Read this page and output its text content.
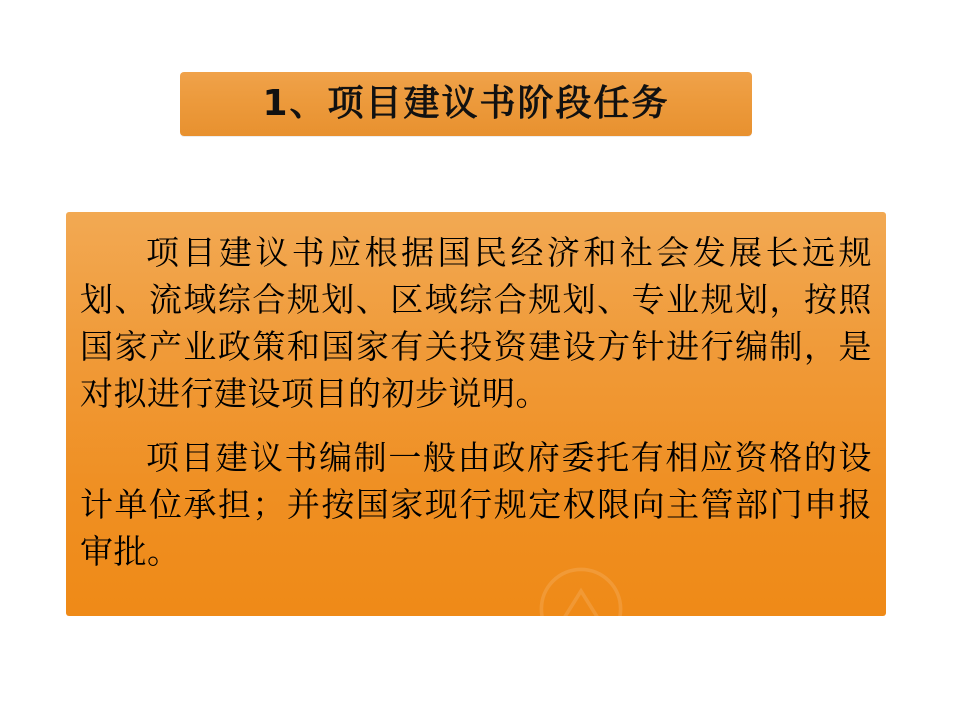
1、项目建议书阶段任务

项目建议书应根据国民经济和社会发展长远规划、流域综合规划、区域综合规划、专业规划，按照国家产业政策和国家有关投资建设方针进行编制，是对拟进行建设项目的初步说明。

项目建议书编制一般由政府委托有相应资格的设计单位承担；并按国家现行规定权限向主管部门申报审批。
